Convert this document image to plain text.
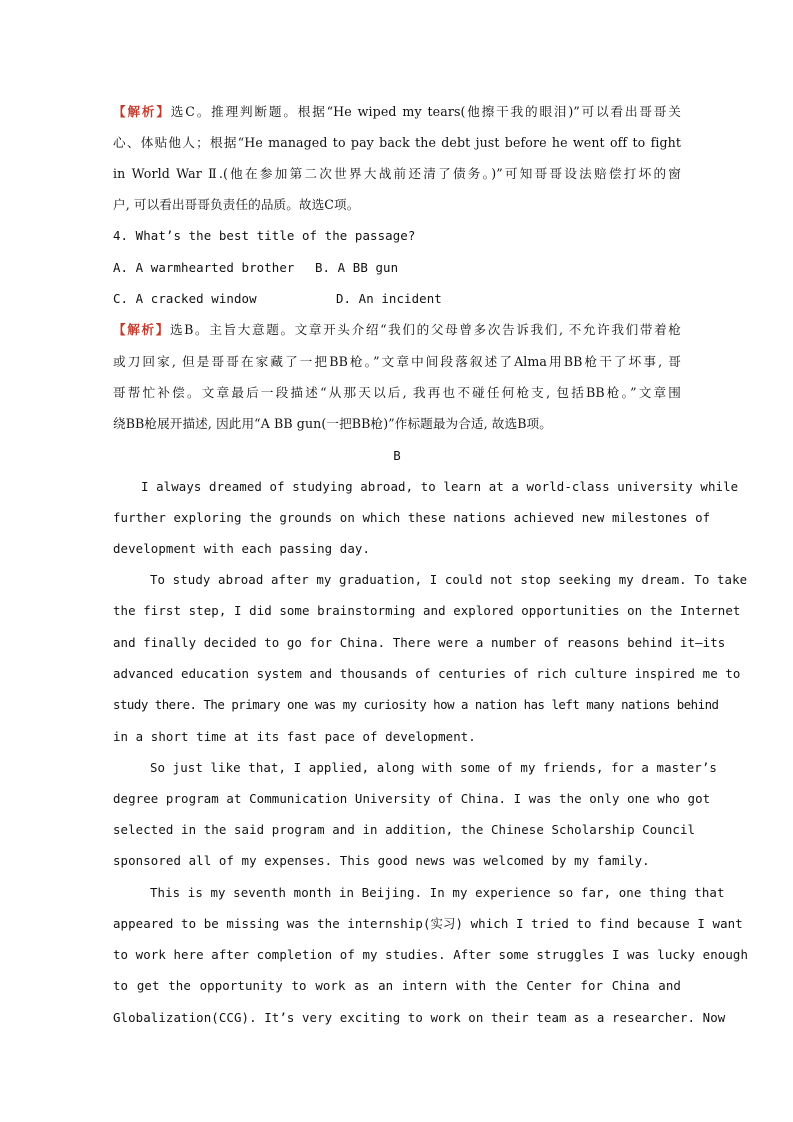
【解析】选C。推理判断题。根据“He wiped my tears(他擦干我的眼泪)”可以看出哥哥关
心、体贴他人；根据“He managed to pay back the debt just before he went off to fight
in World War Ⅱ.(他在参加第二次世界大战前还清了债务。)”可知哥哥设法赔偿打坏的窗
户, 可以看出哥哥负责任的品质。故选C项。
4. What’s the best title of the passage?
A. A warmhearted brother B. A BB gun
C. A cracked window	D. An incident
【解析】选B。主旨大意题。文章开头介绍“我们的父母曾多次告诉我们, 不允许我们带着枪
或刀回家, 但是哥哥在家藏了一把BB枪。”文章中间段落叙述了Alma用BB枪干了坏事, 哥
哥帮忙补偿。文章最后一段描述“从那天以后, 我再也不碰任何枪支, 包括BB枪。”文章围
绕BB枪展开描述, 因此用“A BB gun(一把BB枪)”作标题最为合适, 故选B项。
B
I always dreamed of studying abroad, to learn at a world-class university while
further exploring the grounds on which these nations achieved new milestones of
development with each passing day.
To study abroad after my graduation, I could not stop seeking my dream. To take
the first step, I did some brainstorming and explored opportunities on the Internet
and finally decided to go for China. There were a number of reasons behind it—its
advanced education system and thousands of centuries of rich culture inspired me to
study there. The primary one was my curiosity how a nation has left many nations behind
in a short time at its fast pace of development.
So just like that, I applied, along with some of my friends, for a master’s
degree program at Communication University of China. I was the only one who got
selected in the said program and in addition, the Chinese Scholarship Council
sponsored all of my expenses. This good news was welcomed by my family.
This is my seventh month in Beijing. In my experience so far, one thing that
appeared to be missing was the internship(实习) which I tried to find because I want
to work here after completion of my studies. After some struggles I was lucky enough
to get the opportunity to work as an intern with the Center for China and
Globalization(CCG). It’s very exciting to work on their team as a researcher. Now
